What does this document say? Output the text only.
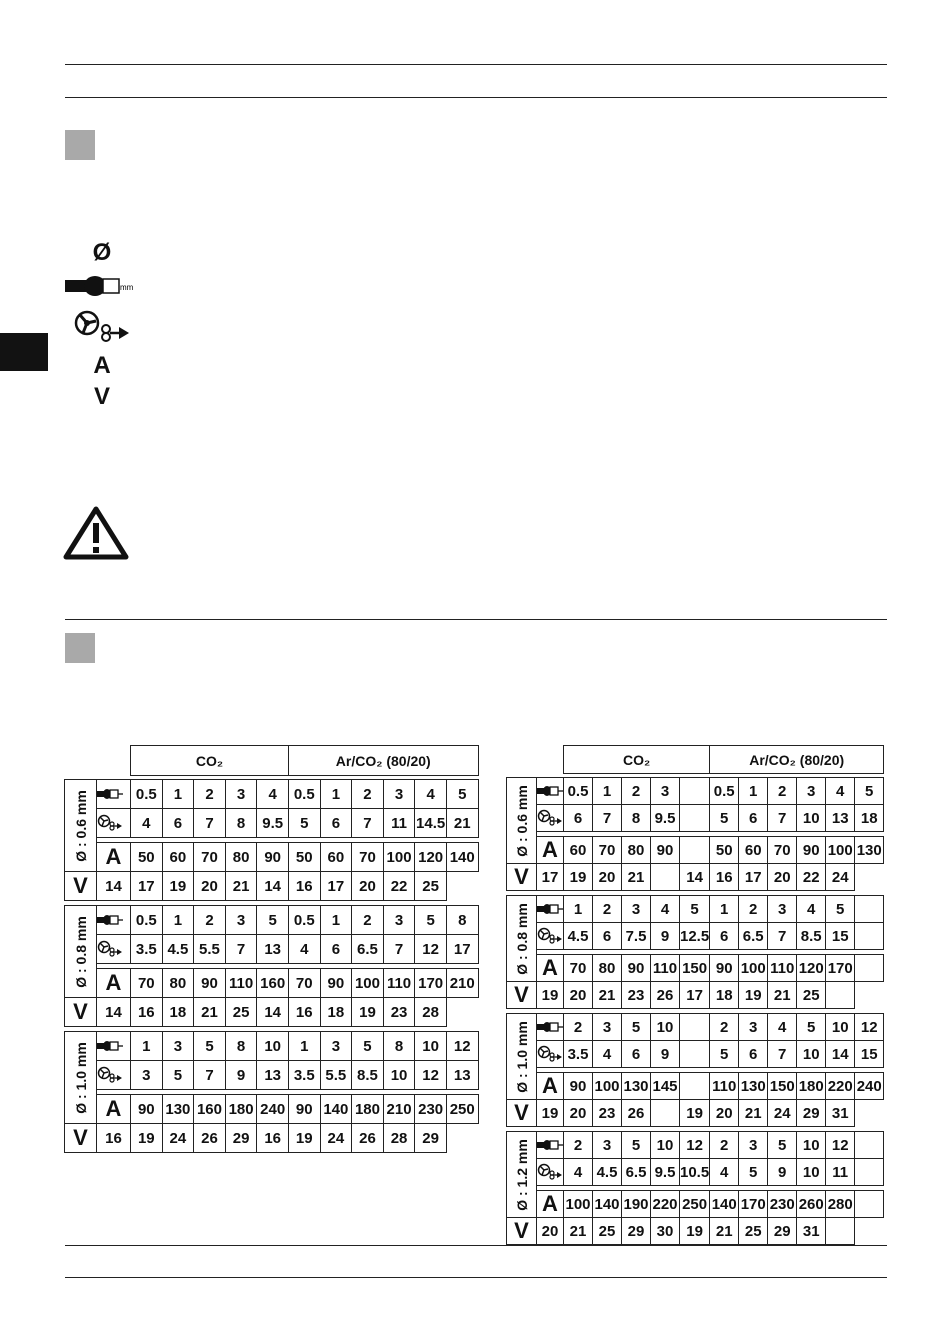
Ø
mm
A
V
		CO₂					Ar/CO₂ (80/20)					

Ø : 0.6 mm		0.5	1	2	3	4	0.5	1	2	3	4	5

	4	6	7	8	9.5	5	6	7	11	14.5	21

	A	50	60	70	80	90	50	60	70	100	120	140
V	14	17	19	20	21	14	16	17	20	22	25	

Ø : 0.8 mm		0.5	1	2	3	5	0.5	1	2	3	5	8

	3.5	4.5	5.5	7	13	4	6	6.5	7	12	17

	A	70	80	90	110	160	70	90	100	110	170	210
V	14	16	18	21	25	14	16	18	19	23	28	

Ø : 1.0 mm		1	3	5	8	10	1	3	5	8	10	12

	3	5	7	9	13	3.5	5.5	8.5	10	12	13

	A	90	130	160	180	240	90	140	180	210	230	250
V	16	19	24	26	29	16	19	24	26	28	29	
		CO₂					Ar/CO₂ (80/20)					

Ø : 0.6 mm		0.5	1	2	3		0.5	1	2	3	4	5

	6	7	8	9.5		5	6	7	10	13	18

	A	60	70	80	90		50	60	70	90	100	130
V	17	19	20	21		14	16	17	20	22	24	

Ø : 0.8 mm		1	2	3	4	5	1	2	3	4	5	

	4.5	6	7.5	9	12.5	6	6.5	7	8.5	15	

	A	70	80	90	110	150	90	100	110	120	170	
V	19	20	21	23	26	17	18	19	21	25		

Ø : 1.0 mm		2	3	5	10		2	3	4	5	10	12

	3.5	4	6	9		5	6	7	10	14	15

	A	90	100	130	145		110	130	150	180	220	240
V	19	20	23	26		19	20	21	24	29	31	

Ø : 1.2 mm		2	3	5	10	12	2	3	5	10	12	

	4	4.5	6.5	9.5	10.5	4	5	9	10	11	

	A	100	140	190	220	250	140	170	230	260	280	
V	20	21	25	29	30	19	21	25	29	31		
